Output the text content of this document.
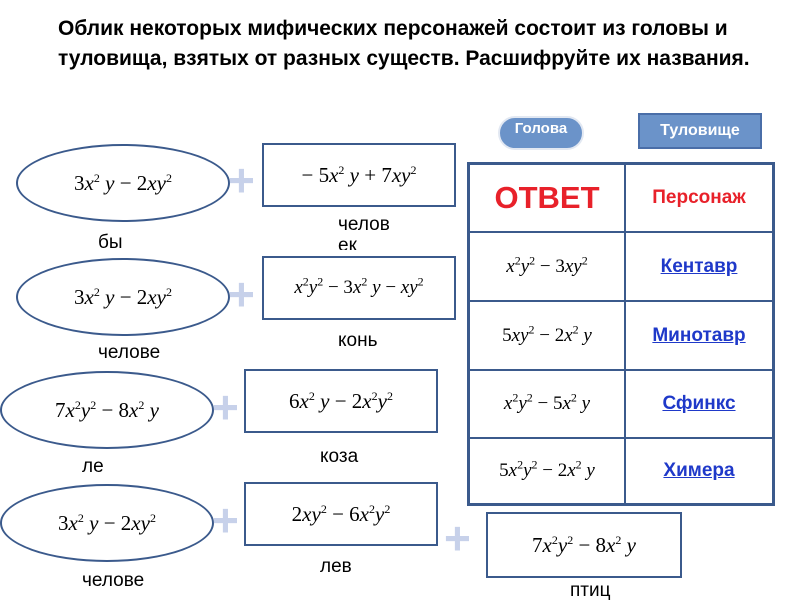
Облик некоторых мифических персонажей состоит из головы и туловища, взятых от разных существ. Расшифруйте их названия.
Голова	Туловище
$3x^2$ $y - 2xy^2$ + − $5x^2$ $y + 7xy^2$
бы
человек
$3x^2$ $y - 2xy^2 + x^2y^2 - 3x^2$ $y - xy^2$
челове
конь
$7x^2y^2 - 8x^2$ $y + 6x^2$ $y - 2x^2y^2$
ле	коза
$3x^2$ $y - 2xy^2$ +	$2xy^2 - 6x^2y^2$
+	$7x^2y^2 - 8x^2$ y
челове
лев
птиц
ОТВЕТ	Персонаж
$x^2y^2 - 3xy^2$	Кентавр
$5xy^2 - 2x^2$ y	Минотавр
$x^2y^2 - 5x^2$ y	Сфинкс
$5x^2y^2 - 2x^2$ y	Химера
